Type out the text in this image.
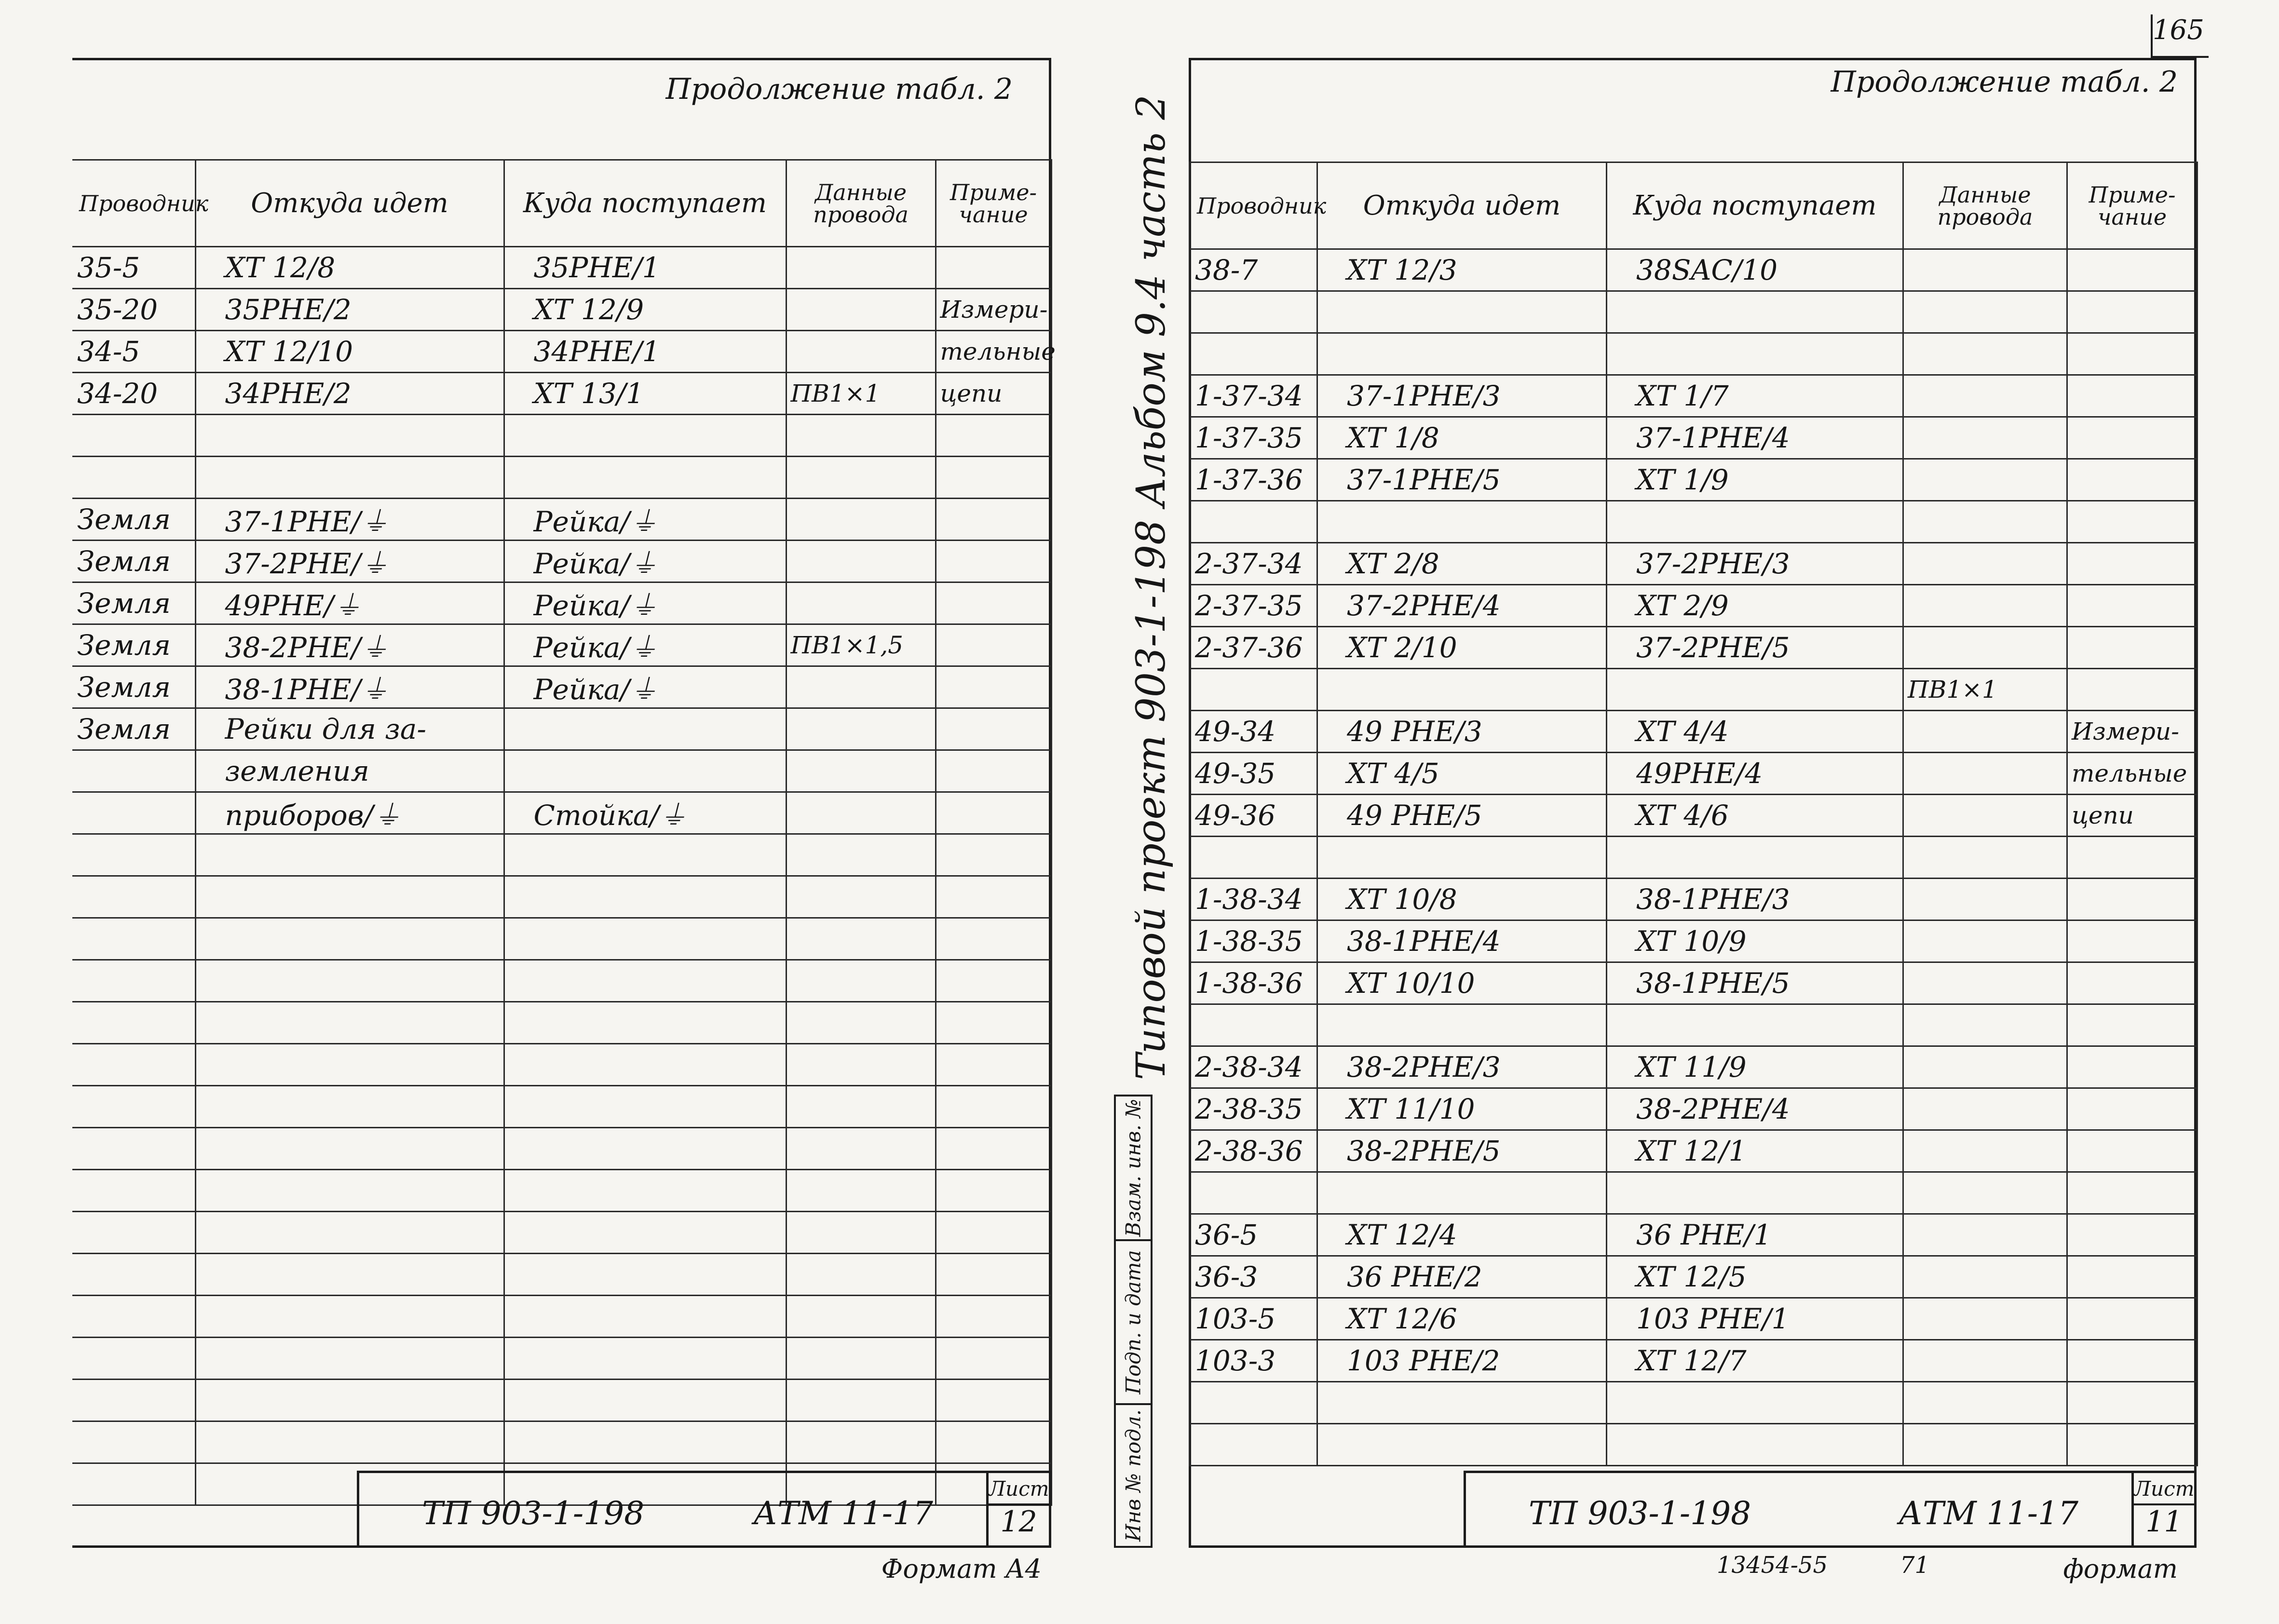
165
Продолжение табл. 2
Проводник	Откуда идет	Куда поступает	Данные провода	Приме-чание
35-5	XT 12/8	35PHE/1		
35-20	35PHE/2	XT 12/9		Измери-
34-5	XT 12/10	34PHE/1		тельные
34-20	34PHE/2	XT 13/1	ПВ1×1	цепи

Земля	37-1PHE/⏚	Рейка/⏚		
Земля	37-2PHE/⏚	Рейка/⏚		
Земля	49PHE/⏚	Рейка/⏚		
Земля	38-2PHE/⏚	Рейка/⏚	ПВ1×1,5	
Земля	38-1PHE/⏚	Рейка/⏚		
Земля	Рейки для за-			
	земления			
	приборов/⏚	Стойка/⏚		

ТП 903-1-198	АТМ 11-17
Лист
12
Формат А4
Типовой проект 903-1-198 Альбом 9.4 часть 2
Взам. инв. №
Подп. и дата
Инв № подл.
Продолжение табл. 2
Проводник	Откуда идет	Куда поступает	Данные провода	Приме-чание
38-7	XT 12/3	38SAC/10		

1-37-34	37-1PHE/3	XT 1/7		
1-37-35	XT 1/8	37-1PHE/4		
1-37-36	37-1PHE/5	XT 1/9		

2-37-34	XT 2/8	37-2PHE/3		
2-37-35	37-2PHE/4	XT 2/9		
2-37-36	XT 2/10	37-2PHE/5		
			ПВ1×1	
49-34	49 PHE/3	XT 4/4		Измери-
49-35	XT 4/5	49PHE/4		тельные
49-36	49 PHE/5	XT 4/6		цепи

1-38-34	XT 10/8	38-1PHE/3		
1-38-35	38-1PHE/4	XT 10/9		
1-38-36	XT 10/10	38-1PHE/5		

2-38-34	38-2PHE/3	XT 11/9		
2-38-35	XT 11/10	38-2PHE/4		
2-38-36	38-2PHE/5	XT 12/1		

36-5	XT 12/4	36 PHE/1		
36-3	36 PHE/2	XT 12/5		
103-5	XT 12/6	103 PHE/1		
103-3	103 PHE/2	XT 12/7		

ТП 903-1-198	АТМ 11-17
Лист
11
формат
13454-55	71
